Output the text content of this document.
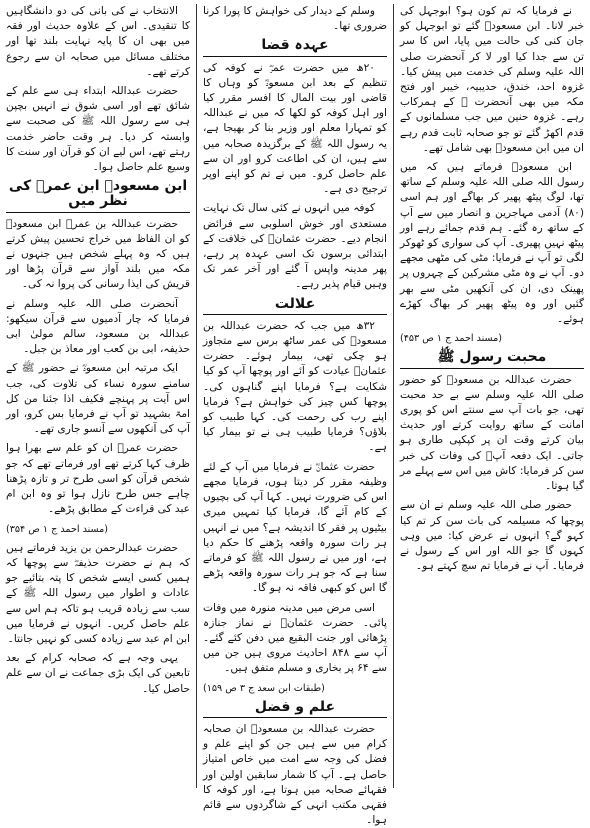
نے فرمایا کہ تم کون ہو؟ ابوجہل کی خبر لانا۔ ابن مسعودؓ گئے تو ابوجہل کو جان کنی کی حالت میں پایا، اس کا سر تن سے جدا کیا اور لا کر آنحضرت صلی اللہ علیہ وسلم کی خدمت میں پیش کیا۔ غزوہ احد، خندق، حدیبیہ، خیبر اور فتح مکہ میں بھی آنحضرت ﷺ کے ہمرکاب رہے۔ غزوہ حنین میں جب مسلمانوں کے قدم اکھڑ گئے تو جو صحابہ ثابت قدم رہے ان میں ابن مسعودؓ بھی شامل تھے۔

ابن مسعودؓ فرماتے ہیں کہ میں رسول اللہ صلی اللہ علیہ وسلم کے ساتھ تھا، لوگ پیٹھ پھیر کر بھاگے اور ہم اسی (۸۰) آدمی مہاجرین و انصار میں سے آپ کے ساتھ رہ گئے۔ ہم قدم جمائے رہے اور پیٹھ نہیں پھیری۔ آپ کی سواری کو ٹھوکر لگی تو آپ نے فرمایا: مٹی کی مٹھی مجھے دو۔ آپ نے وہ مٹی مشرکین کے چہروں پر پھینک دی، ان کی آنکھیں مٹی سے بھر گئیں اور وہ پیٹھ پھیر کر بھاگ کھڑے ہوئے۔

(مسند احمد ج ۱ ص ۴۵۳)
محبت رسول ﷺ

حضرت عبداللہ بن مسعودؓ کو حضور صلی اللہ علیہ وسلم سے بے حد محبت تھی، جو بات آپ سے سنتے اس کو پوری امانت کے ساتھ روایت کرتے اور حدیث بیان کرتے وقت ان پر کپکپی طاری ہو جاتی۔ ایک دفعہ آپؐ کی وفات کی خبر سن کر فرمایا: کاش میں اس سے پہلے مر گیا ہوتا۔

حضور صلی اللہ علیہ وسلم نے ان سے پوچھا کہ مسیلمہ کی بات سن کر تم کیا کہو گے؟ انہوں نے عرض کیا: میں وہی کہوں گا جو اللہ اور اس کے رسول نے فرمایا۔ آپ نے فرمایا تم سچ کہتے ہو۔

وسلم کے دیدار کی خواہش کا پورا کرنا ضروری تھا۔

عہدہ قضا

۲۰ھ میں حضرت عمرؓ نے کوفہ کی تنظیم کے بعد ابن مسعودؓ کو وہاں کا قاضی اور بیت المال کا افسر مقرر کیا اور اہل کوفہ کو لکھا کہ میں نے عبداللہ کو تمہارا معلم اور وزیر بنا کر بھیجا ہے، یہ رسول اللہ ﷺ کے برگزیدہ صحابہ میں سے ہیں، ان کی اطاعت کرو اور ان سے علم حاصل کرو۔ میں نے تم کو اپنے اوپر ترجیح دی ہے۔

کوفہ میں انہوں نے کئی سال تک نہایت مستعدی اور خوش اسلوبی سے فرائض انجام دیے۔ حضرت عثمانؓ کی خلافت کے ابتدائی برسوں تک اسی عہدہ پر رہے، پھر مدینہ واپس آ گئے اور آخر عمر تک وہیں قیام پذیر رہے۔

علالت

۳۲ھ میں جب کہ حضرت عبداللہ بن مسعودؓ کی عمر ساٹھ برس سے متجاوز ہو چکی تھی، بیمار ہوئے۔ حضرت عثمانؓ عیادت کو آئے اور پوچھا آپ کو کیا شکایت ہے؟ فرمایا اپنے گناہوں کی۔ پوچھا کس چیز کی خواہش ہے؟ فرمایا اپنے رب کی رحمت کی۔ کہا طبیب کو بلاؤں؟ فرمایا طبیب ہی نے تو بیمار کیا ہے۔

حضرت عثمانؓ نے فرمایا میں آپ کے لئے وظیفہ مقرر کر دیتا ہوں، فرمایا مجھے اس کی ضرورت نہیں۔ کہا آپ کی بچیوں کے کام آئے گا، فرمایا کیا تمہیں میری بیٹیوں پر فقر کا اندیشہ ہے؟ میں نے انہیں ہر رات سورہ واقعہ پڑھنے کا حکم دیا ہے، اور میں نے رسول اللہ ﷺ کو فرماتے سنا ہے کہ جو ہر رات سورہ واقعہ پڑھے گا اس کو کبھی فاقہ نہ ہو گا۔

اسی مرض میں مدینہ منورہ میں وفات پائی۔ حضرت عثمانؓ نے نماز جنازہ پڑھائی اور جنت البقیع میں دفن کئے گئے۔ آپ سے ۸۴۸ احادیث مروی ہیں جن میں سے ۶۴ پر بخاری و مسلم متفق ہیں۔

(طبقات ابن سعد ج ۳ ص ۱۵۹)
علم و فضل

حضرت عبداللہ بن مسعودؓ ان صحابہ کرام میں سے ہیں جن کو اپنے علم و فضل کی وجہ سے امت میں خاص امتیاز حاصل ہے۔ آپ کا شمار سابقین اولین اور فقہائے صحابہ میں ہوتا ہے، اور کوفہ کا فقہی مکتب انہی کے شاگردوں سے قائم ہوا۔

الانتخاب نے کی بانی کی دو دانشگاہیں کا تنقیدی۔ اس کے علاوہ حدیث اور فقہ میں بھی ان کا پایہ نہایت بلند تھا اور مختلف مسائل میں صحابہ ان سے رجوع کرتے تھے۔

حضرت عبداللہ ابتداء ہی سے علم کے شائق تھے اور اسی شوق نے انہیں بچپن ہی سے رسول اللہ ﷺ کی صحبت سے وابستہ کر دیا۔ ہر وقت حاضر خدمت رہتے تھے، اس لیے ان کو قرآن اور سنت کا وسیع علم حاصل ہوا۔

ابن مسعودؓ ابن عمرؓ کی نظر میں

حضرت عبداللہ بن عمرؓ ابن مسعودؓ کو ان الفاظ میں خراج تحسین پیش کرتے ہیں کہ وہ پہلے شخص ہیں جنہوں نے مکہ میں بلند آواز سے قرآن پڑھا اور قریش کی ایذا رسانی کی پروا نہ کی۔

آنحضرت صلی اللہ علیہ وسلم نے فرمایا کہ چار آدمیوں سے قرآن سیکھو: عبداللہ بن مسعود، سالم مولیٰ ابی حذیفہ، ابی بن کعب اور معاذ بن جبل۔

ایک مرتبہ ابن مسعودؓ نے حضور ﷺ کے سامنے سورہ نساء کی تلاوت کی، جب اس آیت پر پہنچے فکیف اذا جئنا من کل امۃ بشہید تو آپ نے فرمایا بس کرو، اور آپ کی آنکھوں سے آنسو جاری تھے۔

حضرت عمرؓ ان کو علم سے بھرا ہوا ظرف کہا کرتے تھے اور فرماتے تھے کہ جو شخص قرآن کو اسی طرح تر و تازہ پڑھنا چاہے جس طرح نازل ہوا تو وہ ابن ام عبد کی قراءت کے مطابق پڑھے۔

(مسند احمد ج ۱ ص ۳۵۴)

حضرت عبدالرحمن بن یزید فرماتے ہیں کہ ہم نے حضرت حذیفہؓ سے پوچھا کہ ہمیں کسی ایسے شخص کا پتہ بتائیے جو عادات و اطوار میں رسول اللہ ﷺ کے سب سے زیادہ قریب ہو تاکہ ہم اس سے علم حاصل کریں۔ انہوں نے فرمایا میں ابن ام عبد سے زیادہ کسی کو نہیں جانتا۔

یہی وجہ ہے کہ صحابہ کرام کے بعد تابعین کی ایک بڑی جماعت نے ان سے علم حاصل کیا۔
